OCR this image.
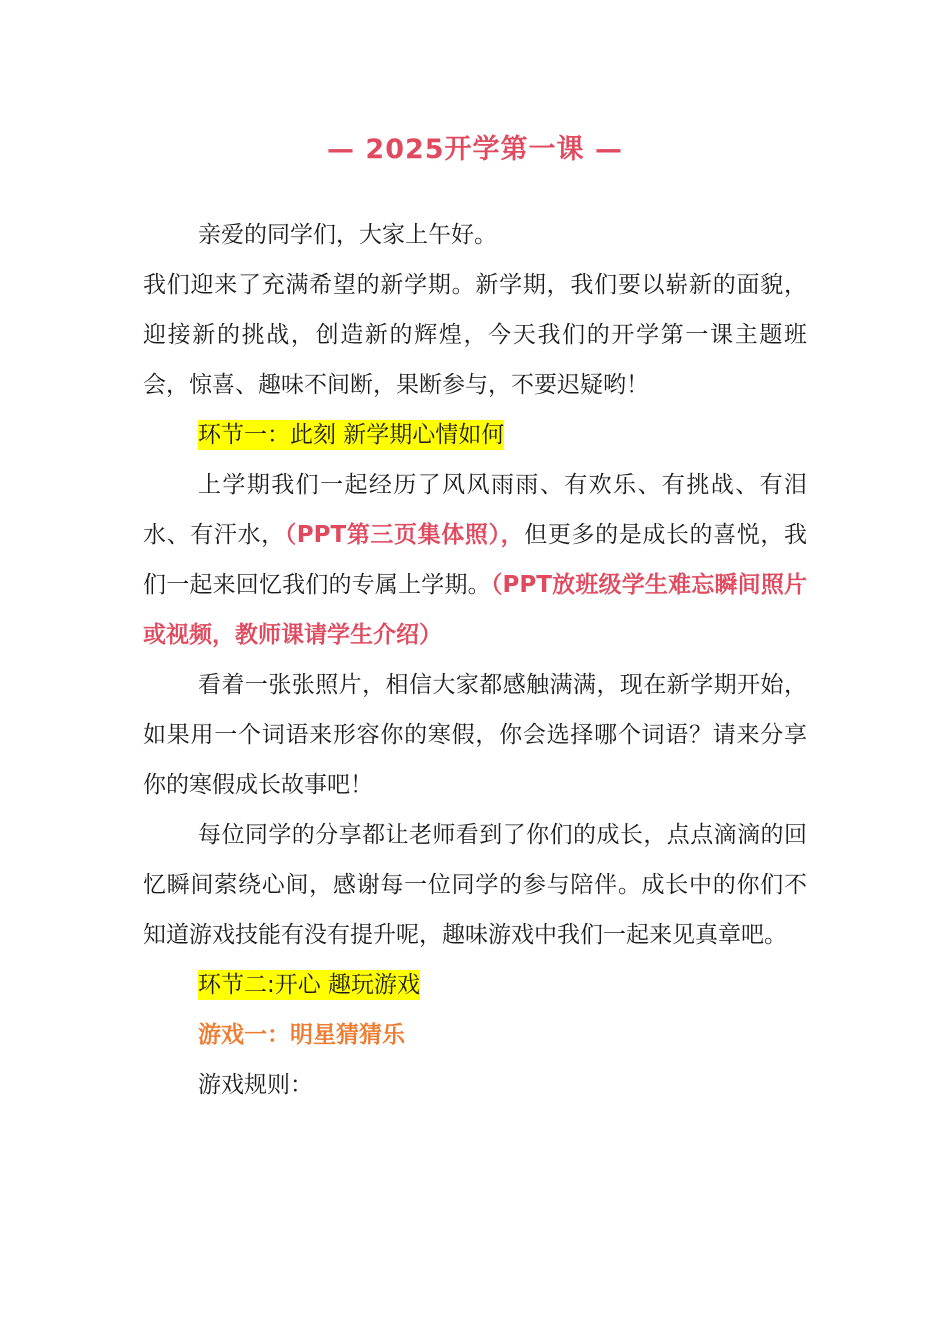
— 2025开学第一课 —

亲爱的同学们，大家上午好。

我们迎来了充满希望的新学期。新学期，我们要以崭新的面貌，迎接新的挑战，创造新的辉煌，今天我们的开学第一课主题班会，惊喜、趣味不间断，果断参与，不要迟疑哟！

环节一：此刻 新学期心情如何

上学期我们一起经历了风风雨雨、有欢乐、有挑战、有泪水、有汗水，（PPT第三页集体照），但更多的是成长的喜悦，我们一起来回忆我们的专属上学期。（PPT放班级学生难忘瞬间照片或视频，教师课请学生介绍）

看着一张张照片，相信大家都感触满满，现在新学期开始，如果用一个词语来形容你的寒假，你会选择哪个词语？请来分享你的寒假成长故事吧！

每位同学的分享都让老师看到了你们的成长，点点滴滴的回忆瞬间萦绕心间，感谢每一位同学的参与陪伴。成长中的你们不知道游戏技能有没有提升呢，趣味游戏中我们一起来见真章吧。

环节二:开心 趣玩游戏

游戏一：明星猜猜乐

游戏规则：
